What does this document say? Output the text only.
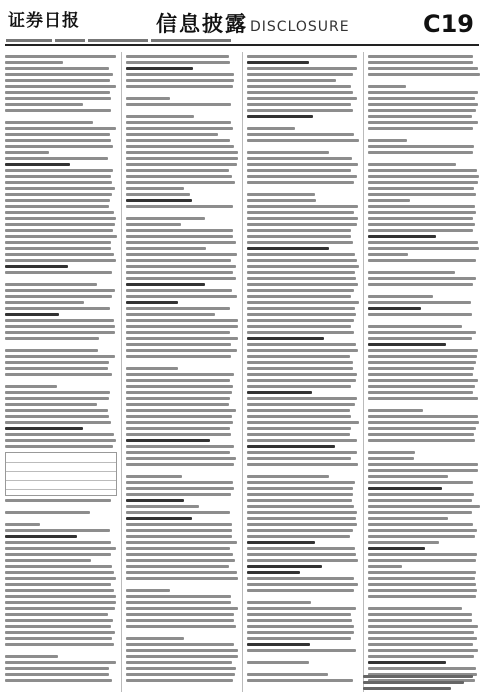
证券日报	信息披露 DISCLOSURE	C19
